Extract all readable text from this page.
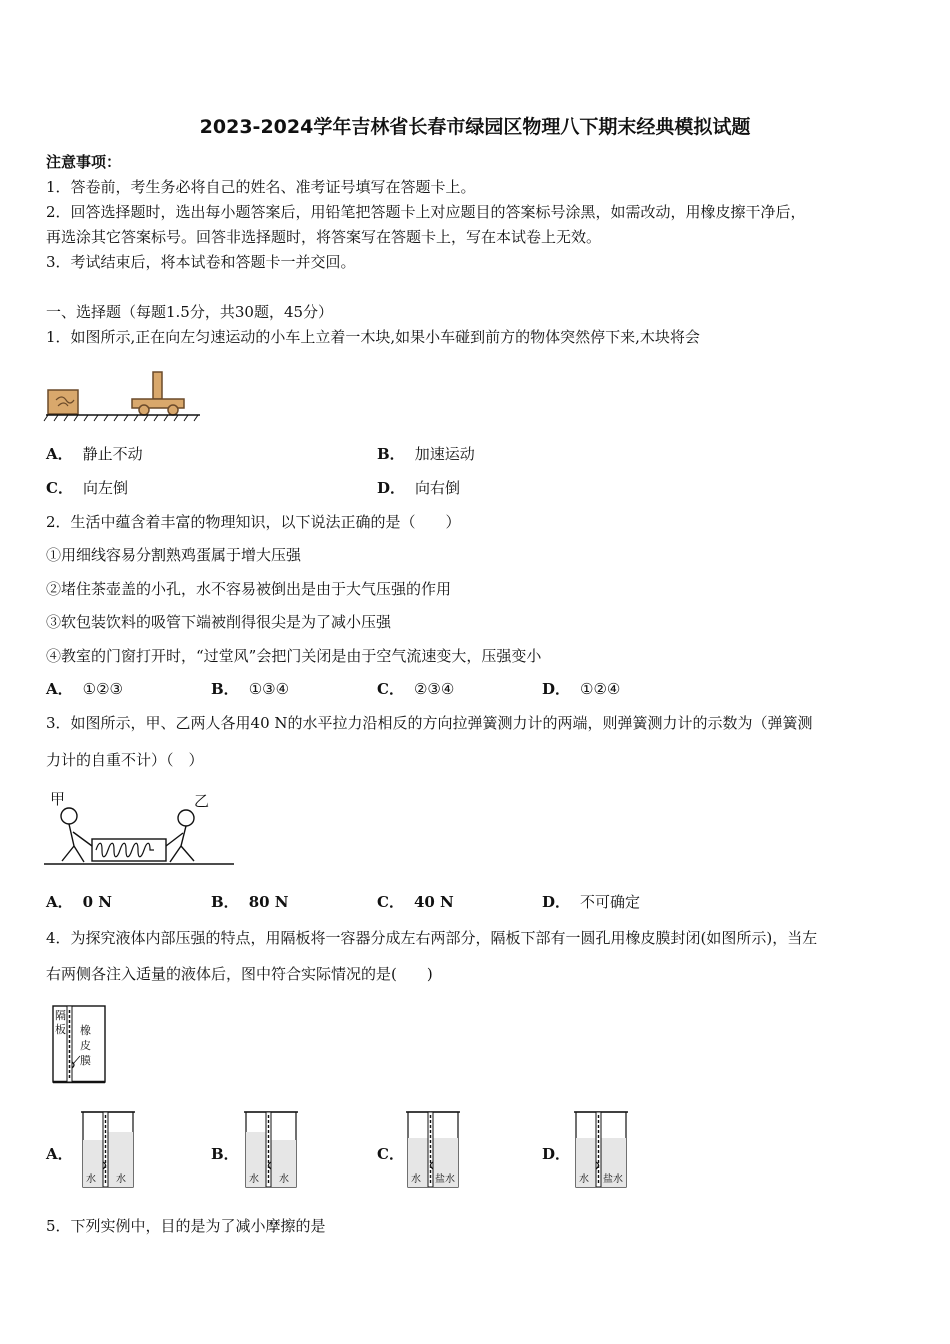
2023-2024学年吉林省长春市绿园区物理八下期末经典模拟试题
注意事项：
1．答卷前，考生务必将自己的姓名、准考证号填写在答题卡上。
2．回答选择题时，选出每小题答案后，用铅笔把答题卡上对应题目的答案标号涂黑，如需改动，用橡皮擦干净后，
再选涂其它答案标号。回答非选择题时，将答案写在答题卡上，写在本试卷上无效。
3．考试结束后，将本试卷和答题卡一并交回。
一、选择题（每题1.5分，共30题，45分）
1．如图所示,正在向左匀速运动的小车上立着一木块,如果小车碰到前方的物体突然停下来,木块将会
A． 静止不动	B． 加速运动
C． 向左倒	D． 向右倒
2．生活中蕴含着丰富的物理知识，以下说法正确的是（　　）
①用细线容易分割熟鸡蛋属于增大压强
②堵住茶壶盖的小孔，水不容易被倒出是由于大气压强的作用
③软包装饮料的吸管下端被削得很尖是为了减小压强
④教室的门窗打开时，“过堂风”会把门关闭是由于空气流速变大，压强变小
A． ①②③	B． ①③④	C． ②③④	D． ①②④
3．如图所示，甲、乙两人各用40 N的水平拉力沿相反的方向拉弹簧测力计的两端，则弹簧测力计的示数为（弹簧测
力计的自重不计）（　）
甲	乙
A． 0 N	B． 80 N	C． 40 N	D． 不可确定
4．为探究液体内部压强的特点，用隔板将一容器分成左右两部分，隔板下部有一圆孔用橡皮膜封闭(如图所示)，当左
右两侧各注入适量的液体后，图中符合实际情况的是(　　)
隔
板 橡
皮
膜
A．
水 水
B．
水 水
C．
水 盐水
D．
水 盐水
5．下列实例中，目的是为了减小摩擦的是
